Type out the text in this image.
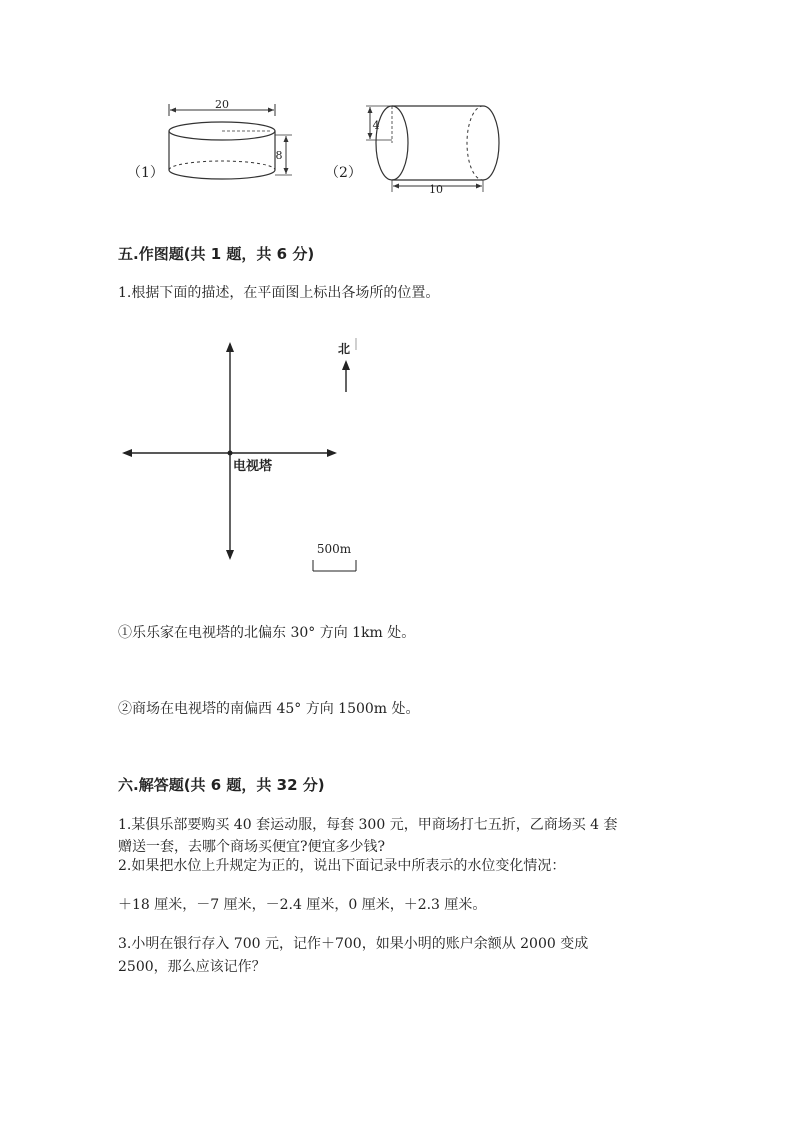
（1）
20
8
（2）
4
10
五.作图题(共 1 题，共 6 分)
1.根据下面的描述，在平面图上标出各场所的位置。
电视塔
北
500m
①乐乐家在电视塔的北偏东 30° 方向 1km 处。
②商场在电视塔的南偏西 45° 方向 1500m 处。
六.解答题(共 6 题，共 32 分)
1.某俱乐部要购买 40 套运动服，每套 300 元，甲商场打七五折，乙商场买 4 套
赠送一套，去哪个商场买便宜?便宜多少钱?
2.如果把水位上升规定为正的，说出下面记录中所表示的水位变化情况：
＋18 厘米，－7 厘米，－2.4 厘米，0 厘米，＋2.3 厘米。
3.小明在银行存入 700 元，记作＋700，如果小明的账户余额从 2000 变成
2500，那么应该记作？
